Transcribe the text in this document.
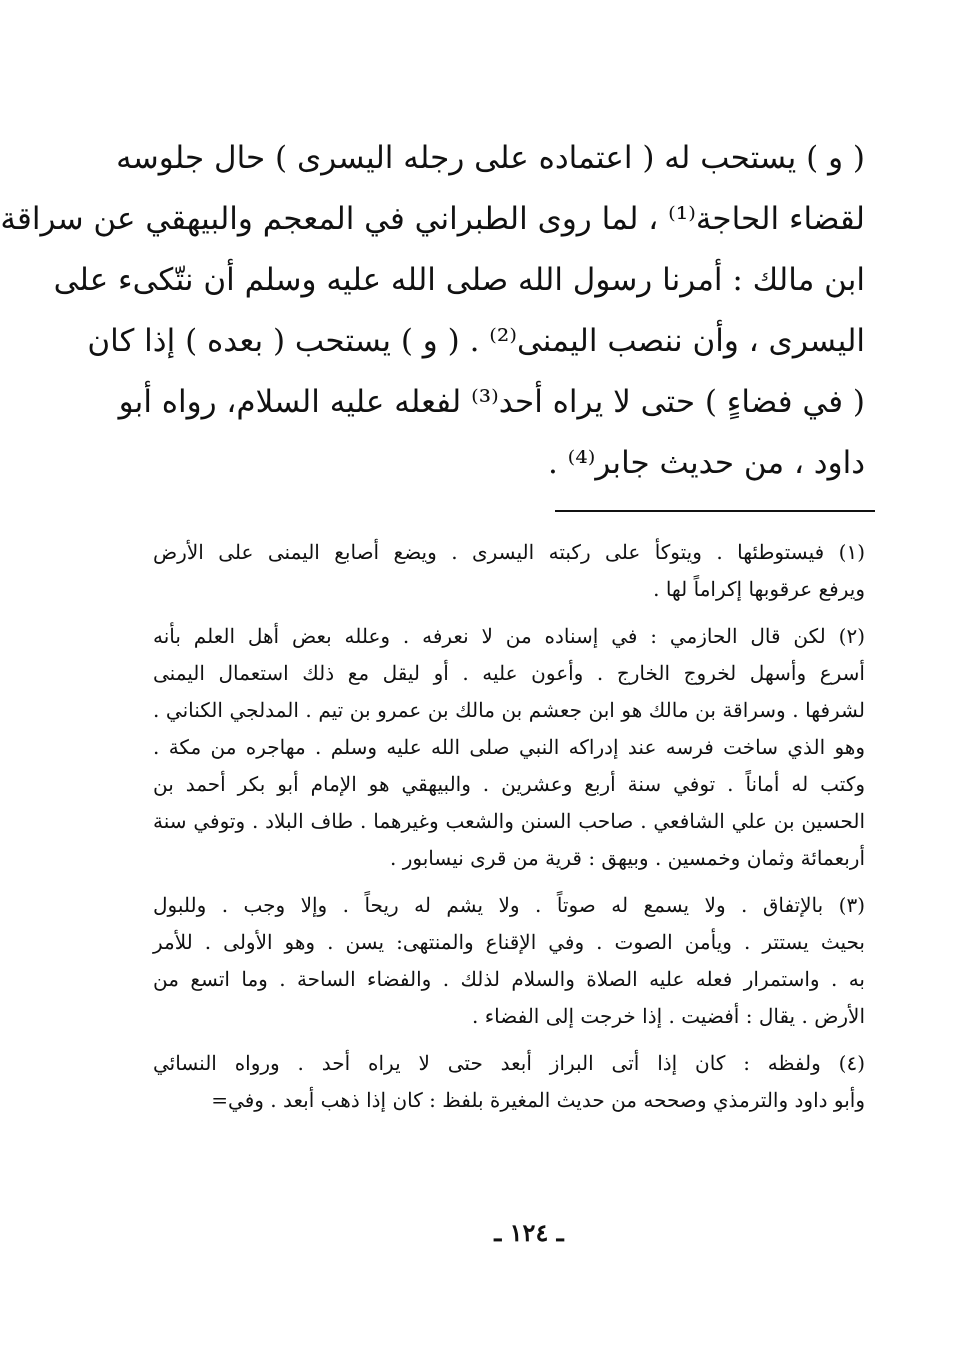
( و ) يستحب له ( اعتماده على رجله اليسرى ) حال جلوسه
لقضاء الحاجة⁽¹⁾ ، لما روى الطبراني في المعجم والبيهقي عن سراقة
ابن مالك : أمرنا رسول الله صلى الله عليه وسلم أن نتّكىء على
اليسرى ، وأن ننصب اليمنى⁽²⁾ . ( و ) يستحب ( بعده ) إذا كان
( في فضاءٍ ) حتى لا يراه أحد⁽³⁾ لفعله عليه السلام، رواه أبو
داود ، من حديث جابر⁽⁴⁾ .
(١) فيستوطئها . ويتوكأ على ركبته اليسرى . ويضع أصابع اليمنى على الأرض
ويرفع عرقوبها إكراماً لها .
(٢) لكن قال الحازمي : في إسناده من لا نعرفه . وعلله بعض أهل العلم بأنه
أسرع وأسهل لخروج الخارج . وأعون عليه . أو ليقل مع ذلك استعمال اليمنى
لشرفها . وسراقة بن مالك هو ابن جعشم بن مالك بن عمرو بن تيم . المدلجي الكناني .
وهو الذي ساخت فرسه عند إدراكه النبي صلى الله عليه وسلم . مهاجره من مكة .
وكتب له أماناً . توفي سنة أربع وعشرين . والبيهقي هو الإمام أبو بكر أحمد بن
الحسين بن علي الشافعي . صاحب السنن والشعب وغيرهما . طاف البلاد . وتوفي سنة
أربعمائة وثمان وخمسين . وبيهق : قرية من قرى نيسابور .
(٣) بالإتفاق . ولا يسمع له صوتاً . ولا يشم له ريحاً . وإلا وجب . وللبول
بحيث يستتر . ويأمن الصوت . وفي الإقناع والمنتهى: يسن . وهو الأولى . للأمر
به . واستمرار فعله عليه الصلاة والسلام لذلك . والفضاء الساحة . وما اتسع من
الأرض . يقال : أفضيت . إذا خرجت إلى الفضاء .
(٤) ولفظه : كان إذا أتى البراز أبعد حتى لا يراه أحد . ورواه النسائي
وأبو داود والترمذي وصححه من حديث المغيرة بلفظ : كان إذا ذهب أبعد . وفي=
ـ ١٢٤ ـ
